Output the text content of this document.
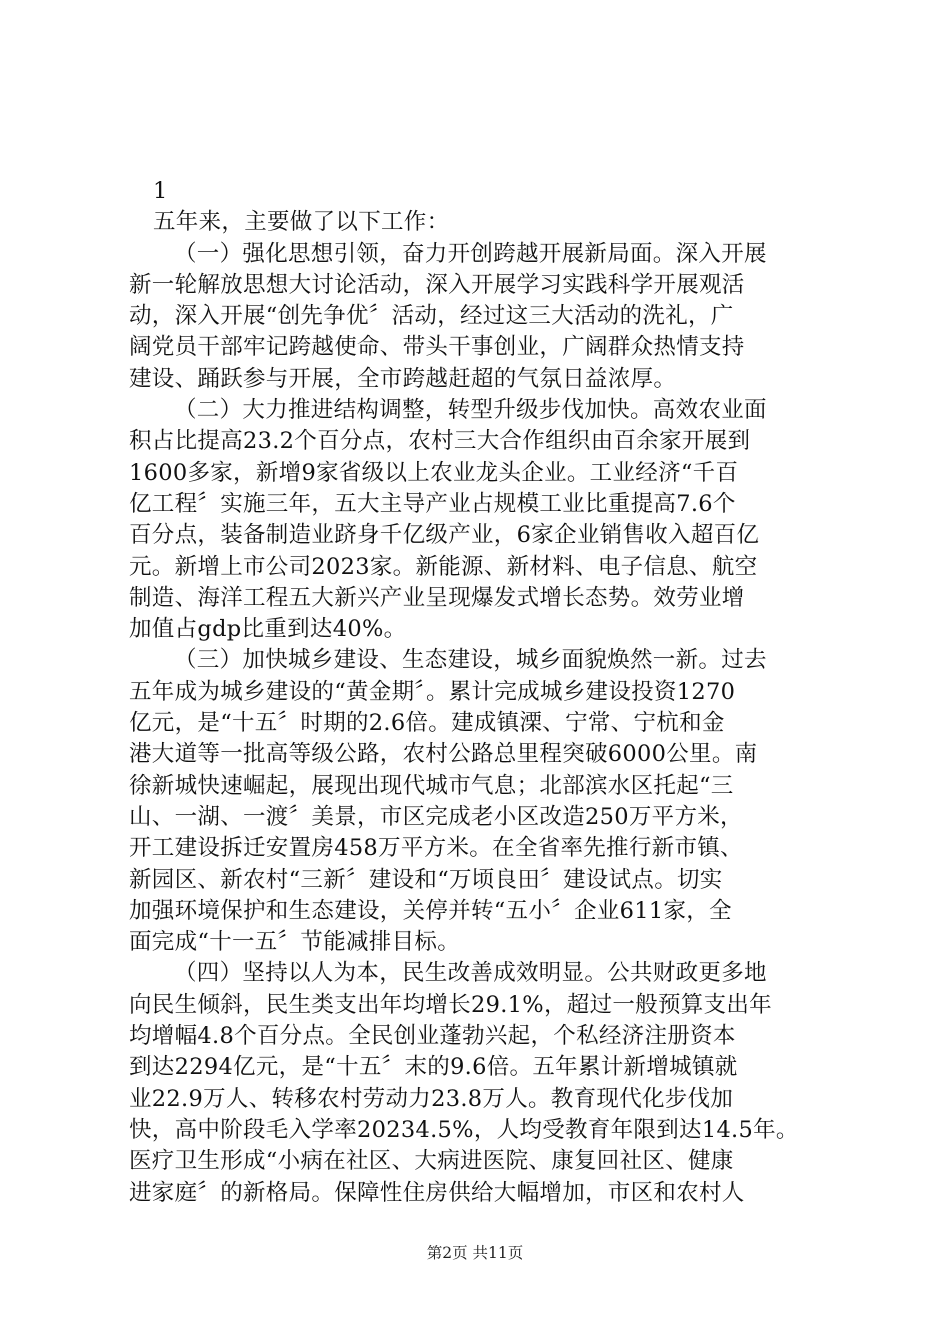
1
五年来，主要做了以下工作：
（一）强化思想引领，奋力开创跨越开展新局面。深入开展
新一轮解放思想大讨论活动，深入开展学习实践科学开展观活
动，深入开展“创先争优〞活动，经过这三大活动的洗礼，广
阔党员干部牢记跨越使命、带头干事创业，广阔群众热情支持
建设、踊跃参与开展，全市跨越赶超的气氛日益浓厚。
（二）大力推进结构调整，转型升级步伐加快。高效农业面
积占比提高23.2个百分点，农村三大合作组织由百余家开展到
1600多家，新增9家省级以上农业龙头企业。工业经济“千百
亿工程〞实施三年，五大主导产业占规模工业比重提高7.6个
百分点，装备制造业跻身千亿级产业，6家企业销售收入超百亿
元。新增上市公司2023家。新能源、新材料、电子信息、航空
制造、海洋工程五大新兴产业呈现爆发式增长态势。效劳业增
加值占gdp比重到达40%。
（三）加快城乡建设、生态建设，城乡面貌焕然一新。过去
五年成为城乡建设的“黄金期〞。累计完成城乡建设投资1270
亿元，是“十五〞时期的2.6倍。建成镇溧、宁常、宁杭和金
港大道等一批高等级公路，农村公路总里程突破6000公里。南
徐新城快速崛起，展现出现代城市气息；北部滨水区托起“三
山、一湖、一渡〞美景，市区完成老小区改造250万平方米，
开工建设拆迁安置房458万平方米。在全省率先推行新市镇、
新园区、新农村“三新〞建设和“万顷良田〞建设试点。切实
加强环境保护和生态建设，关停并转“五小〞企业611家，全
面完成“十一五〞节能减排目标。
（四）坚持以人为本，民生改善成效明显。公共财政更多地
向民生倾斜，民生类支出年均增长29.1%，超过一般预算支出年
均增幅4.8个百分点。全民创业蓬勃兴起，个私经济注册资本
到达2294亿元，是“十五〞末的9.6倍。五年累计新增城镇就
业22.9万人、转移农村劳动力23.8万人。教育现代化步伐加
快，高中阶段毛入学率20234.5%，人均受教育年限到达14.5年。
医疗卫生形成“小病在社区、大病进医院、康复回社区、健康
进家庭〞的新格局。保障性住房供给大幅增加，市区和农村人
第2页 共11页
